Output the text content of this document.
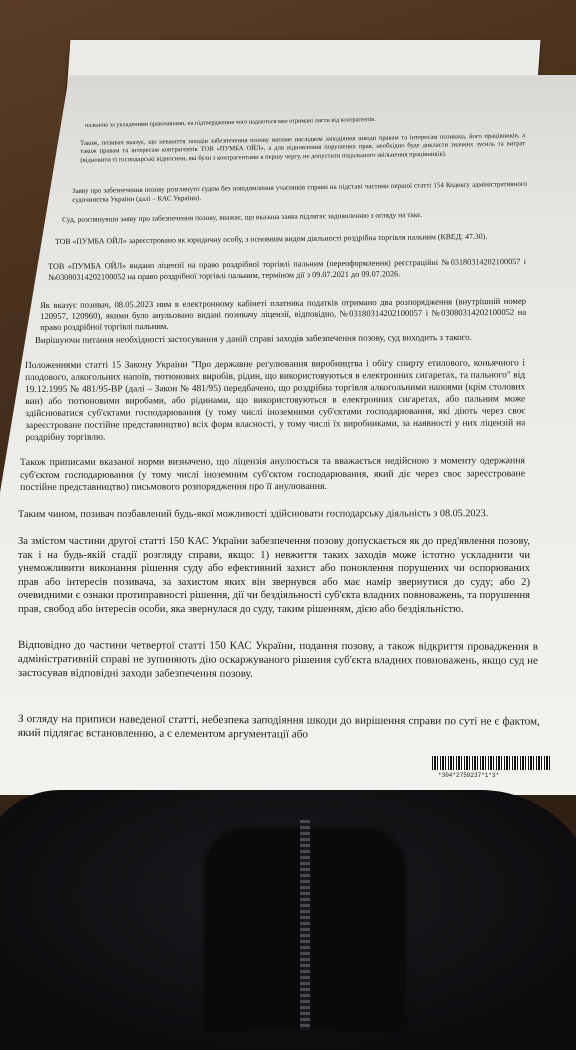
пальною за укладеними правочинами, на підтвердження чого надаються вже отримані листи від контрагентів.
Також, позивач вказує, що невжиття заходів забезпечення позову матиме наслідком заподіяння шкоди правам та інтересам позивача, його працівників, а також правам та інтересам контрагентів ТОВ «ПУМБА ОЙЛ», а для відновлення порушених прав, необхідно буде докласти значних зусиль та витрат (відновити ті господарські відносини, які були з контрагентами в першу чергу, не допустити подальшого звільнення працівників).
Заяву про забезпечення позову розглянуто судом без повідомлення учасників справи на підставі частини першої статті 154 Кодексу адміністративного судочинства України (далі – КАС України).
Суд, розглянувши заяву про забезпечення позову, вважає, що вказана заява підлягає задоволенню з огляду на таке.
ТОВ «ПУМБА ОЙЛ» зареєстровано як юридичну особу, з основним видом діяльності роздрібна торгівля пальним (КВЕД: 47.30).
ТОВ «ПУМБА ОЙЛ» видано ліцензії на право роздрібної торгівлі пальним (переоформлення) реєстраційні №03180314202100057 і №03080314202100052 на право роздрібної торгівлі пальним, терміном дії з 09.07.2021 до 09.07.2026.
Як вказує позивач, 08.05.2023 ним в електронному кабінеті платника податків отримано два розпорядження (внутрішній номер 120957, 120960), якими було анульовано видані позивачу ліцензії, відповідно, №03180314202100057 і №03080314202100052 на право роздрібної торгівлі пальним.
Вирішуючи питання необхідності застосування у даній справі заходів забезпечення позову, суд виходить з такого.
Положеннями статті 15 Закону України "Про державне регулювання виробництва і обігу спирту етилового, коньячного і плодового, алкогольних напоїв, тютюнових виробів, рідин, що використовуються в електронних сигаретах, та пального" від 19.12.1995 № 481/95-ВР (далі – Закон № 481/95) передбачено, що роздрібна торгівля алкогольними напоями (крім столових вин) або тютюновими виробами, або рідинами, що використовуються в електронних сигаретах, або пальним може здійснюватися суб'єктами господарювання (у тому числі іноземними суб'єктами господарювання, які діють через своє зареєстроване постійне представництво) всіх форм власності, у тому числі їх виробниками, за наявності у них ліцензій на роздрібну торгівлю.
Також приписами вказаної норми визначено, що ліцензія анулюється та вважається недійсною з моменту одержання суб'єктом господарювання (у тому числі іноземним суб'єктом господарювання, який діє через своє зареєстроване постійне представництво) письмового розпорядження про її анулювання.
Таким чином, позивач позбавлений будь-якої можливості здійснювати господарську діяльність з 08.05.2023.
За змістом частини другої статті 150 КАС України забезпечення позову допускається як до пред'явлення позову, так і на будь-якій стадії розгляду справи, якщо: 1) невжиття таких заходів може істотно ускладнити чи унеможливити виконання рішення суду або ефективний захист або поновлення порушених чи оспорюваних прав або інтересів позивача, за захистом яких він звернувся або має намір звернутися до суду; або 2) очевидними є ознаки протиправності рішення, дії чи бездіяльності суб'єкта владних повноважень, та порушення прав, свобод або інтересів особи, яка звернулася до суду, таким рішенням, дією або бездіяльністю.
Відповідно до частини четвертої статті 150 КАС України, подання позову, а також відкриття провадження в адміністративній справі не зупиняють дію оскаржуваного рішення суб'єкта владних повноважень, якщо суд не застосував відповідні заходи забезпечення позову.
З огляду на приписи наведеної статті, небезпека заподіяння шкоди до вирішення справи по суті не є фактом, який підлягає встановленню, а є елементом аргументації або
*304*2759237*1*3*
